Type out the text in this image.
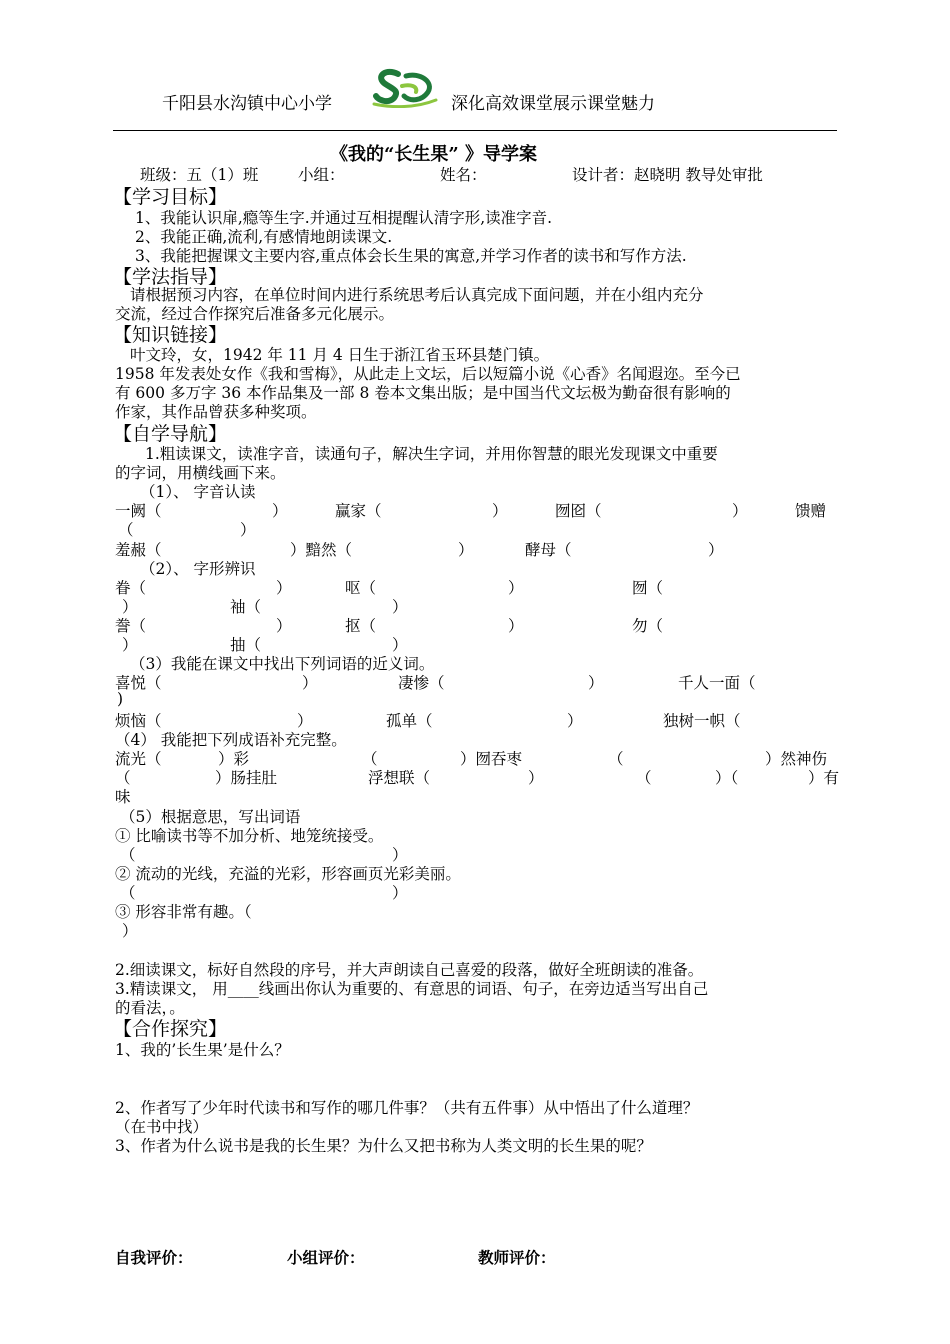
千阳县水沟镇中心小学	深化高效课堂展示课堂魅力
《我的“长生果” 》导学案
班级：五（1）班	小组：	姓名：	设计者：赵晓明 教导处审批
【学习目标】
1、我能认识扉,瘾等生字.并通过互相提醒认清字形,读准字音.
2、我能正确,流利,有感情地朗读课文.
3、我能把握课文主要内容,重点体会长生果的寓意,并学习作者的读书和写作方法.
【学法指导】
请根据预习内容，在单位时间内进行系统思考后认真完成下面问题，并在小组内充分
交流，经过合作探究后准备多元化展示。
【知识链接】
叶文玲，女，1942 年 11 月 4 日生于浙江省玉环县楚门镇。
1958 年发表处女作《我和雪梅》，从此走上文坛，后以短篇小说《心香》名闻遐迩。至今已
有 600 多万字 36 本作品集及一部 8 卷本文集出版；是中国当代文坛极为勤奋很有影响的
作家，其作品曾获多种奖项。
【自学导航】
1.粗读课文，读准字音，读通句子，解决生字词，并用你智慧的眼光发现课文中重要
的字词，用横线画下来。
（1）、 字音认读
一阙（	）	赢家（	）	囫囵（	）	馈赠
（	）
羞赧（	）黯然（	）	酵母（	）
（2）、 字形辨识
眷（	）	呕（	）	囫（
）	袖（	）
誊（	）	抠（	）	勿（
）	抽（	）
（3）我能在课文中找出下列词语的近义词。
喜悦（	）	凄惨（	）	千人一面（
)
烦恼（	）	孤单（	）	独树一帜（
（4） 我能把下列成语补充完整。
流光（	）彩	（	）囫吞枣	（	）然神伤
（	）肠挂肚	浮想联（	）	（	）（	）有
味
（5）根据意思，写出词语
① 比喻读书等不加分析、地笼统接受。
（	）
② 流动的光线，充溢的光彩，形容画页光彩美丽。
（	）
③ 形容非常有趣。（
）
2.细读课文，标好自然段的序号，并大声朗读自己喜爱的段落，做好全班朗读的准备。
3.精读课文， 用____线画出你认为重要的、有意思的词语、句子，在旁边适当写出自己
的看法，。
【合作探究】
1、我的’长生果’是什么？
2、作者写了少年时代读书和写作的哪几件事？（共有五件事）从中悟出了什么道理？
（在书中找）
3、作者为什么说书是我的长生果？为什么又把书称为人类文明的长生果的呢？
自我评价：	小组评价：	教师评价：
